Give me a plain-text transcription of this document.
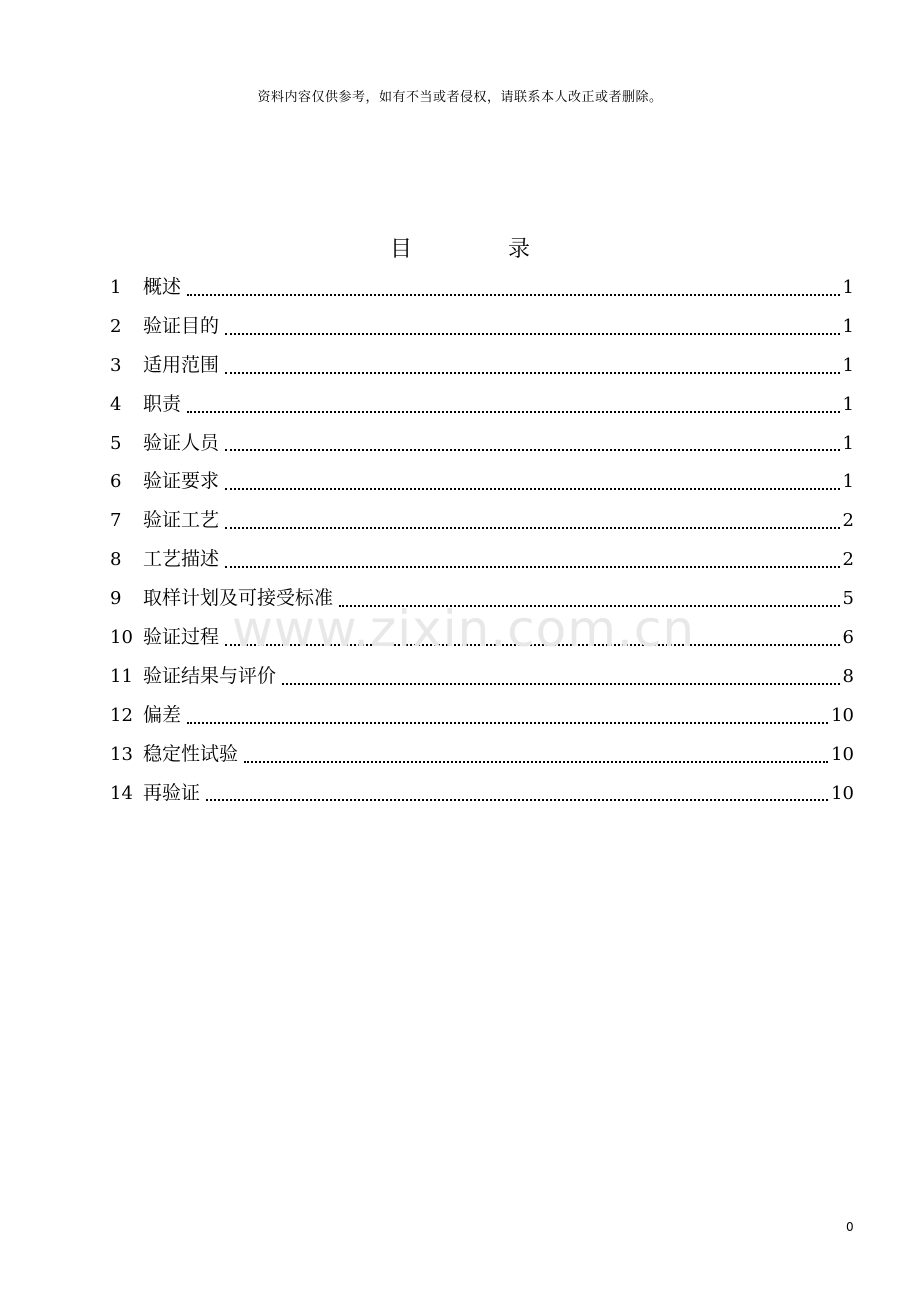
资料内容仅供参考，如有不当或者侵权，请联系本人改正或者删除。
目	录
1	概述	1
2	验证目的	1
3	适用范围	1
4	职责	1
5	验证人员	1
6	验证要求	1
7	验证工艺	2
8	工艺描述	2
9	取样计划及可接受标准	5
10 验证过程	6
11 验证结果与评价	8
12 偏差	10
13 稳定性试验	10
14 再验证	10
www.zixin.com.cn
0
